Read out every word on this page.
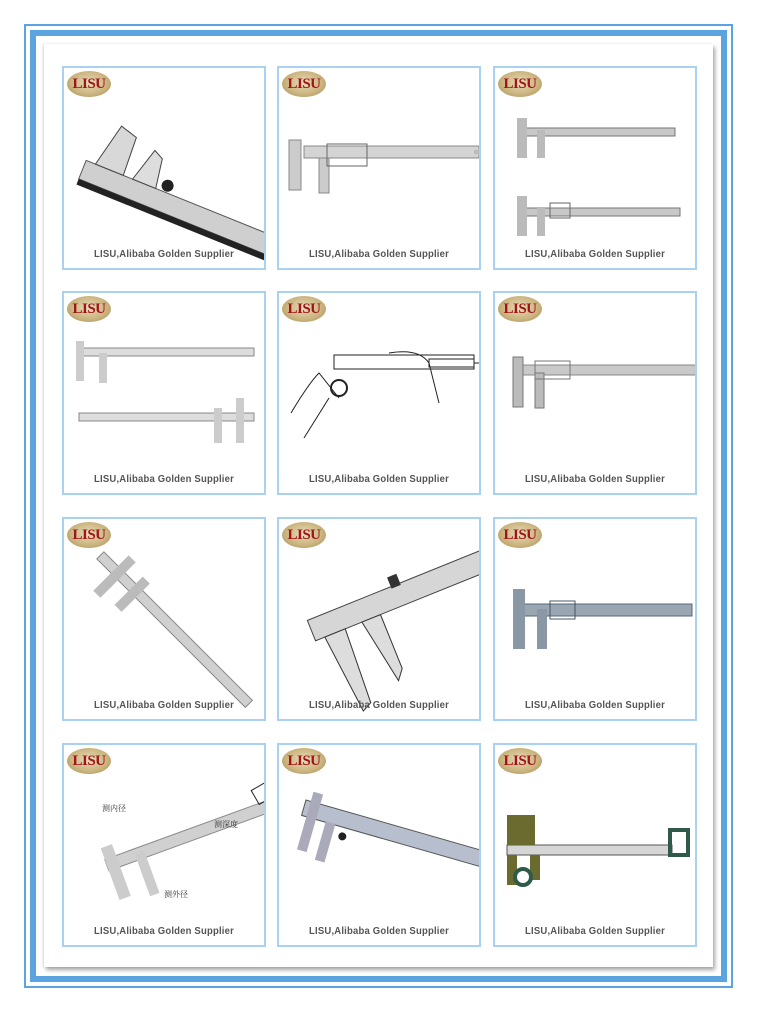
LISU
LISU,Alibaba Golden Supplier
LISU
LISU,Alibaba Golden Supplier
LISU
LISU,Alibaba Golden Supplier
LISU
LISU,Alibaba Golden Supplier
LISU
LISU,Alibaba Golden Supplier
LISU
LISU,Alibaba Golden Supplier
LISU
LISU,Alibaba Golden Supplier
LISU
LISU,Alibaba Golden Supplier
LISU
LISU,Alibaba Golden Supplier
测内径
测深度
测外径
LISU
LISU,Alibaba Golden Supplier
LISU
LISU,Alibaba Golden Supplier
LISU
LISU,Alibaba Golden Supplier
